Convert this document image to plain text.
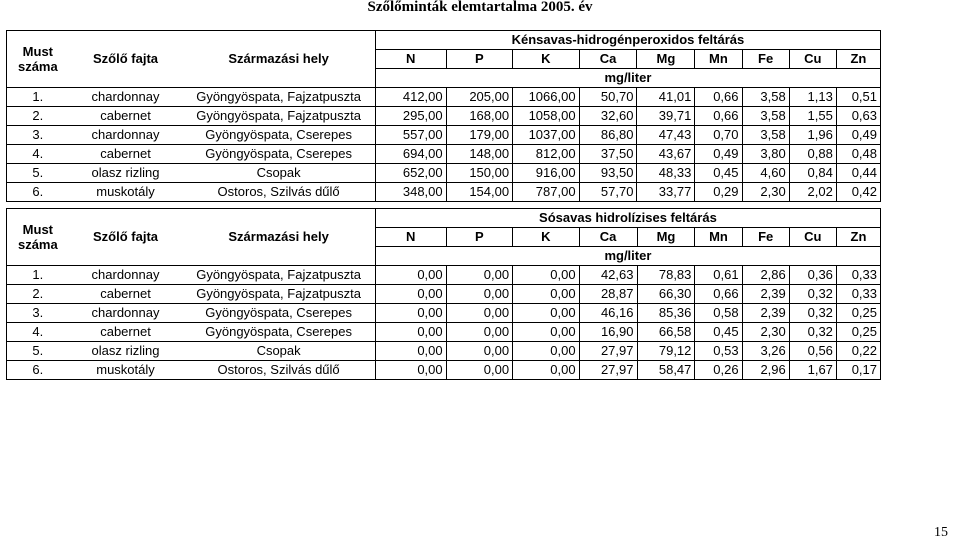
Szőlőminták elemtartalma 2005. év
Must
száma	Szőlő fajta	Származási hely	Kénsavas-hidrogénperoxidos feltárás								
			N	P	K	Ca	Mg	Mn	Fe	Cu	Zn
			mg/liter								
1.	chardonnay	Gyöngyöspata, Fajzatpuszta	412,00	205,00	1066,00	50,70	41,01	0,66	3,58	1,13	0,51
2.	cabernet	Gyöngyöspata, Fajzatpuszta	295,00	168,00	1058,00	32,60	39,71	0,66	3,58	1,55	0,63
3.	chardonnay	Gyöngyöspata, Cserepes	557,00	179,00	1037,00	86,80	47,43	0,70	3,58	1,96	0,49
4.	cabernet	Gyöngyöspata, Cserepes	694,00	148,00	812,00	37,50	43,67	0,49	3,80	0,88	0,48
5.	olasz rizling	Csopak	652,00	150,00	916,00	93,50	48,33	0,45	4,60	0,84	0,44
6.	muskotály	Ostoros, Szilvás dűlő	348,00	154,00	787,00	57,70	33,77	0,29	2,30	2,02	0,42
Must
száma	Szőlő fajta	Származási hely	Sósavas hidrolízises feltárás								
			N	P	K	Ca	Mg	Mn	Fe	Cu	Zn
			mg/liter								
1.	chardonnay	Gyöngyöspata, Fajzatpuszta	0,00	0,00	0,00	42,63	78,83	0,61	2,86	0,36	0,33
2.	cabernet	Gyöngyöspata, Fajzatpuszta	0,00	0,00	0,00	28,87	66,30	0,66	2,39	0,32	0,33
3.	chardonnay	Gyöngyöspata, Cserepes	0,00	0,00	0,00	46,16	85,36	0,58	2,39	0,32	0,25
4.	cabernet	Gyöngyöspata, Cserepes	0,00	0,00	0,00	16,90	66,58	0,45	2,30	0,32	0,25
5.	olasz rizling	Csopak	0,00	0,00	0,00	27,97	79,12	0,53	3,26	0,56	0,22
6.	muskotály	Ostoros, Szilvás dűlő	0,00	0,00	0,00	27,97	58,47	0,26	2,96	1,67	0,17
15
